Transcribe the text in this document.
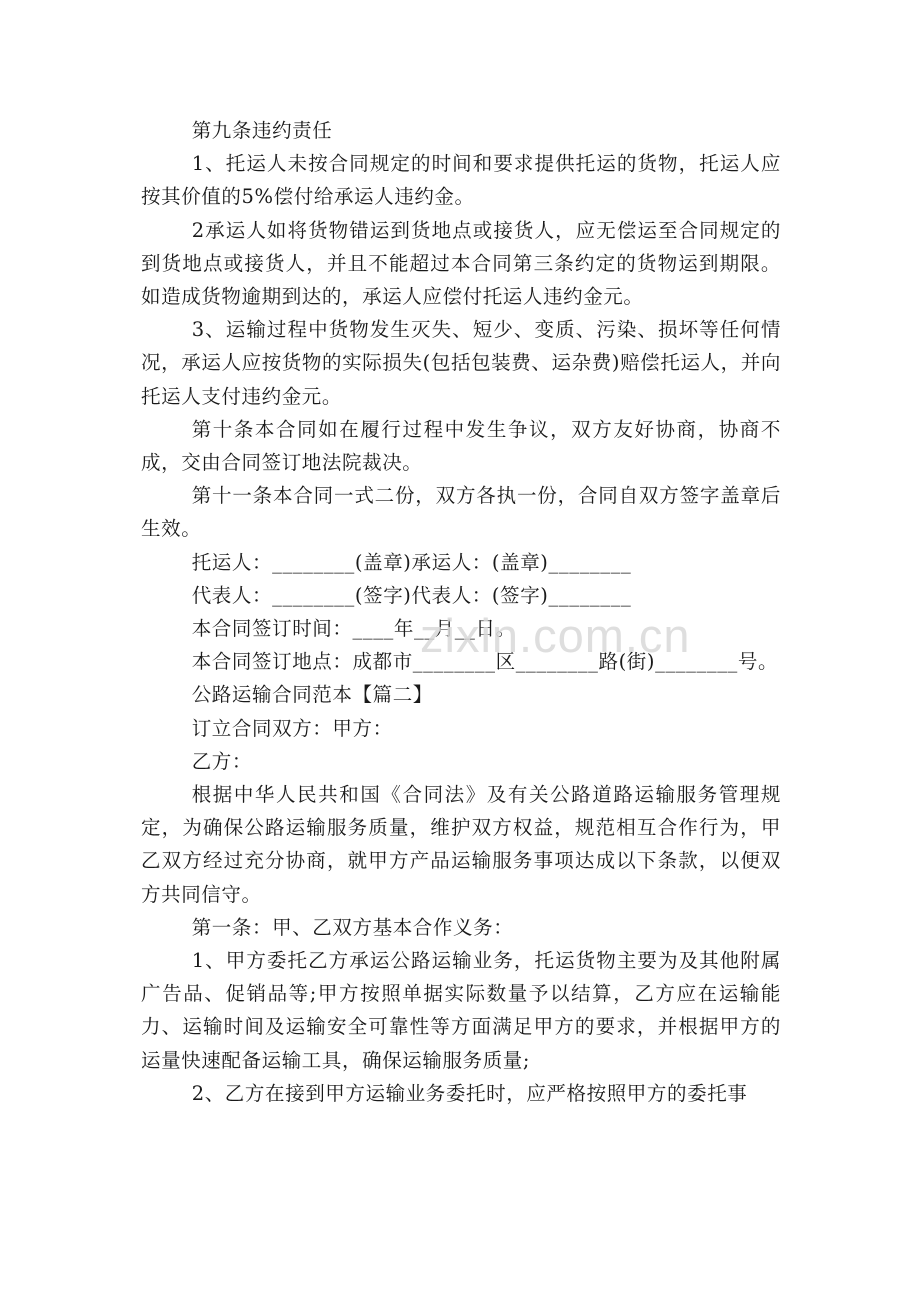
第九条违约责任

1、托运人未按合同规定的时间和要求提供托运的货物，托运人应按其价值的5%偿付给承运人违约金。

2承运人如将货物错运到货地点或接货人，应无偿运至合同规定的到货地点或接货人，并且不能超过本合同第三条约定的货物运到期限。如造成货物逾期到达的，承运人应偿付托运人违约金元。

3、运输过程中货物发生灭失、短少、变质、污染、损坏等任何情况，承运人应按货物的实际损失(包括包装费、运杂费)赔偿托运人，并向托运人支付违约金元。

第十条本合同如在履行过程中发生争议，双方友好协商，协商不成，交由合同签订地法院裁决。

第十一条本合同一式二份，双方各执一份，合同自双方签字盖章后生效。

托运人：________(盖章)承运人：(盖章)________

代表人：________(签字)代表人：(签字)________

本合同签订时间：____年__月__日。

本合同签订地点：成都市________区________路(街)________号。

公路运输合同范本【篇二】

订立合同双方：甲方：

乙方：

根据中华人民共和国《合同法》及有关公路道路运输服务管理规定，为确保公路运输服务质量，维护双方权益，规范相互合作行为，甲乙双方经过充分协商，就甲方产品运输服务事项达成以下条款，以便双方共同信守。

第一条：甲、乙双方基本合作义务：

1、甲方委托乙方承运公路运输业务，托运货物主要为及其他附属广告品、促销品等;甲方按照单据实际数量予以结算，乙方应在运输能力、运输时间及运输安全可靠性等方面满足甲方的要求，并根据甲方的运量快速配备运输工具，确保运输服务质量;

2、乙方在接到甲方运输业务委托时，应严格按照甲方的委托事

zixin.com.cn
